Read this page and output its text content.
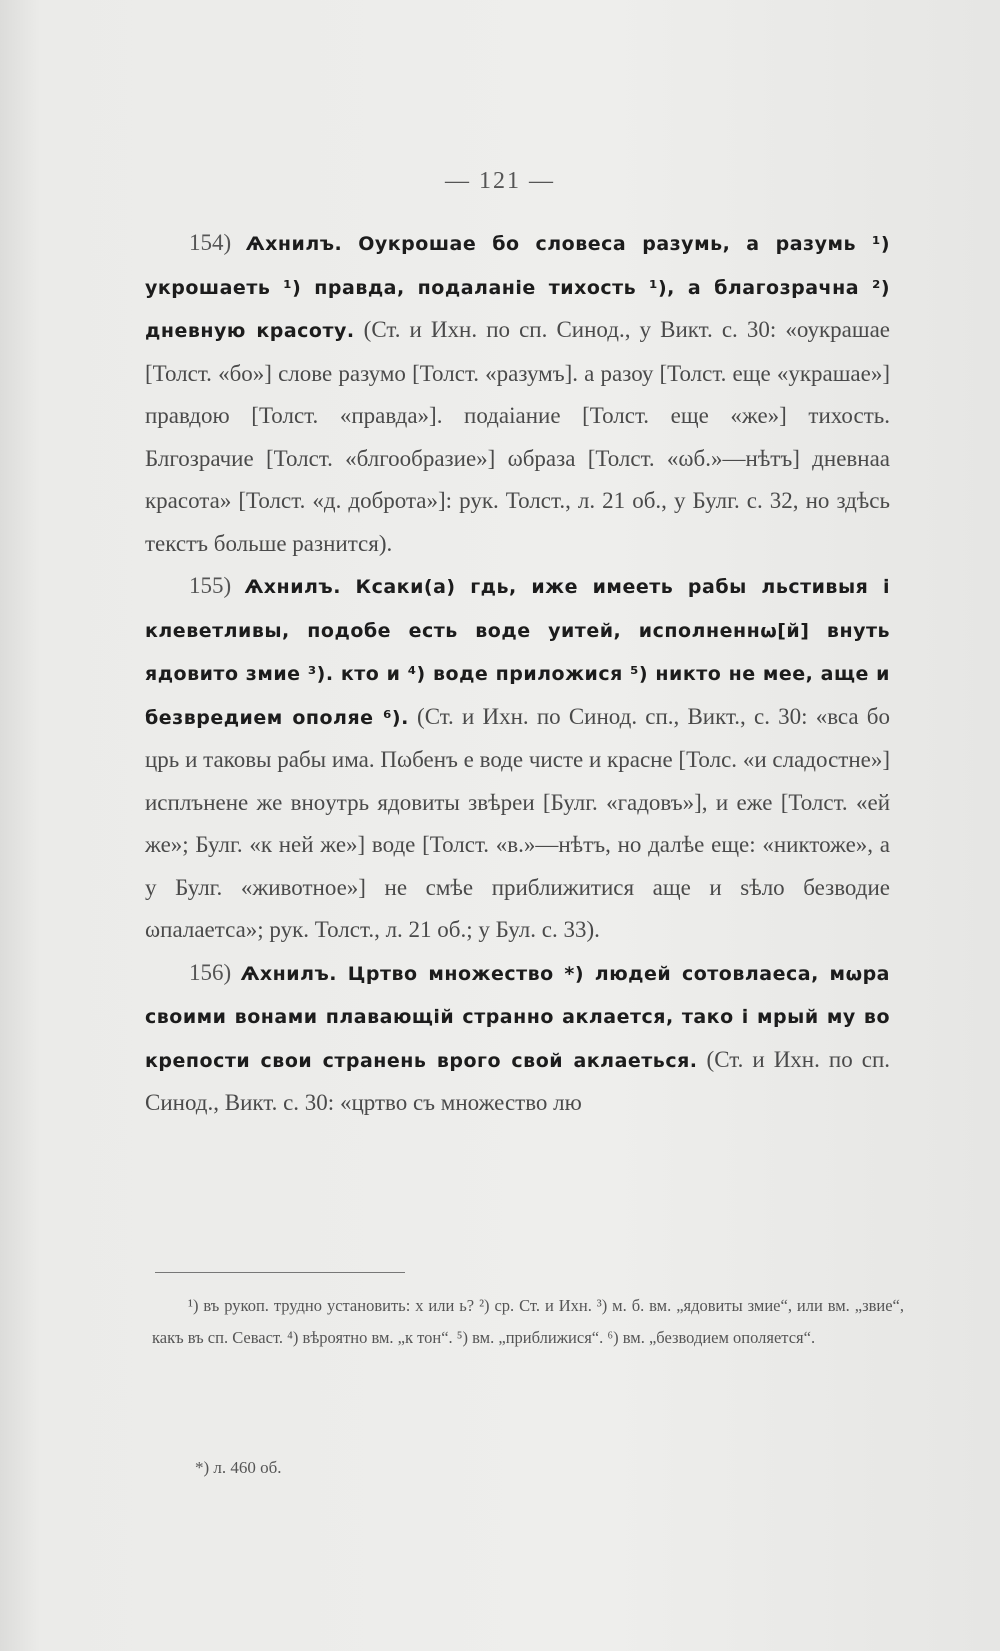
— 121 —

154) Ѧхнилъ. Оукрошае бо словеса разумь, а разумь ¹) укрошаеть ¹) правда, подаланіе тихость ¹), а благозрачна ²) дневную красоту. (Ст. и Ихн. по сп. Синод., у Викт. с. 30: «оукрашае [Толст. «бо»] слове разумо [Толст. «разумъ]. а разоу [Толст. еще «украшае»] правдою [Толст. «правда»]. подаіание [Толст. еще «же»] тихость. Блгозрачие [Толст. «блгообразие»] ωбраза [Толст. «ωб.»—нѣтъ] дневнаа красота» [Толст. «д. доброта»]: рук. Толст., л. 21 об., у Булг. с. 32, но здѣсь текстъ больше разнится).

155) Ѧхнилъ. Ксаки(а) гдь, иже имееть рабы льстивыя і клеветливы, подобе есть воде уитей, исполненнω[й] внуть ядовито змие ³). кто и ⁴) воде приложися ⁵) никто не мее, аще и безвредием ополяе ⁶). (Ст. и Ихн. по Синод. сп., Викт., с. 30: «вса бо црь и таковы рабы има. Пωбенъ е воде чисте и красне [Толс. «и сладостне»] исплънене же внoутрь ядовиты звѣреи [Булг. «гадовъ»], и еже [Толст. «ей же»; Булг. «к ней же»] воде [Толст. «в.»—нѣтъ, но далѣе еще: «никтоже», а у Булг. «животное»] не смѣе приближитися аще и sѣло безводие ωпалаетса»; рук. Толст., л. 21 об.; у Бул. с. 33).

156) Ѧхнилъ. Цртво множество *) людей сотовлаеса, мωра своими вонами плавающій странно аклается, тако і мрый му во крепости свои странень врого свой аклаеться. (Ст. и Ихн. по сп. Синод., Викт. с. 30: «цртво съ множество лю

¹) въ рукоп. трудно установить: х или ь? ²) ср. Ст. и Ихн. ³) м. б. вм. „ядовиты змие“, или вм. „звие“, какъ въ сп. Севаст. ⁴) вѣроятно вм. „к тон“. ⁵) вм. „приближися“. ⁶) вм. „безводием ополяется“.

*) л. 460 об.
